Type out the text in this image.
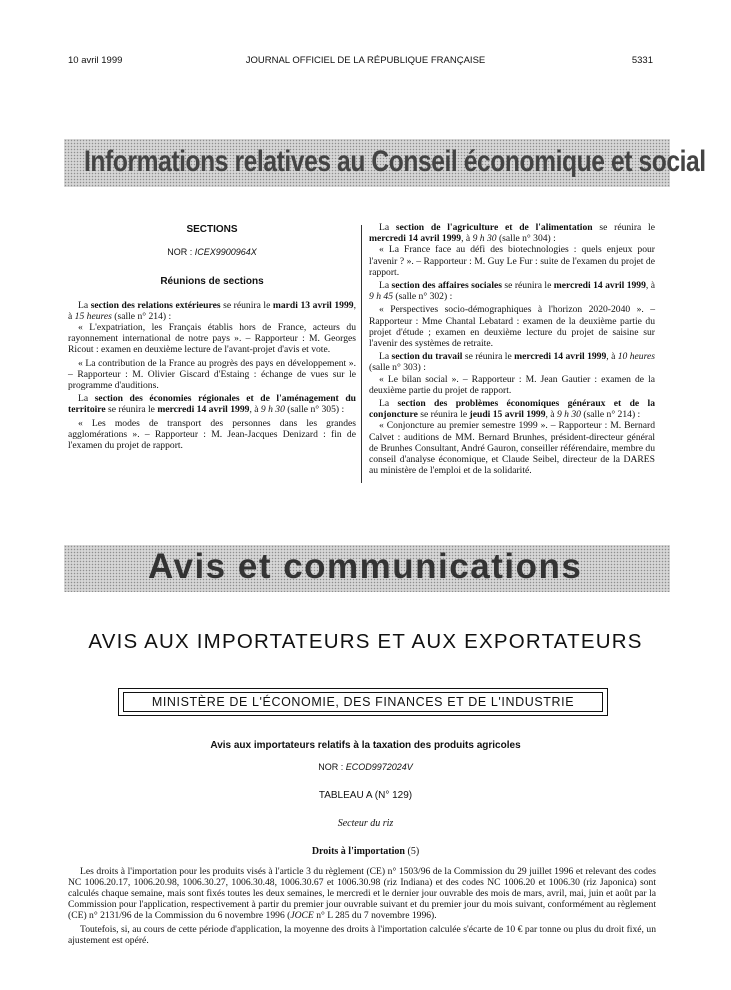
10 avril 1999	JOURNAL OFFICIEL DE LA RÉPUBLIQUE FRANÇAISE	5331
Informations relatives au Conseil économique et social

SECTIONS

NOR : ICEX9900964X

Réunions de sections

La section des relations extérieures se réunira le mardi 13 avril 1999, à 15 heures (salle n° 214) :

« L'expatriation, les Français établis hors de France, acteurs du rayonnement international de notre pays ». – Rapporteur : M. Georges Ricout : examen en deuxième lecture de l'avant-projet d'avis et vote.

« La contribution de la France au progrès des pays en développement ». – Rapporteur : M. Olivier Giscard d'Estaing : échange de vues sur le programme d'auditions.

La section des économies régionales et de l'aménagement du territoire se réunira le mercredi 14 avril 1999, à 9 h 30 (salle n° 305) :

« Les modes de transport des personnes dans les grandes agglomérations ». – Rapporteur : M. Jean-Jacques Denizard : fin de l'examen du projet de rapport.

La section de l'agriculture et de l'alimentation se réunira le mercredi 14 avril 1999, à 9 h 30 (salle n° 304) :

« La France face au défi des biotechnologies : quels enjeux pour l'avenir ? ». – Rapporteur : M. Guy Le Fur : suite de l'examen du projet de rapport.

La section des affaires sociales se réunira le mercredi 14 avril 1999, à 9 h 45 (salle n° 302) :

« Perspectives socio-démographiques à l'horizon 2020-2040 ». – Rapporteur : Mme Chantal Lebatard : examen de la deuxième partie du projet d'étude ; examen en deuxième lecture du projet de saisine sur l'avenir des systèmes de retraite.

La section du travail se réunira le mercredi 14 avril 1999, à 10 heures (salle n° 303) :

« Le bilan social ». – Rapporteur : M. Jean Gautier : examen de la deuxième partie du projet de rapport.

La section des problèmes économiques généraux et de la conjoncture se réunira le jeudi 15 avril 1999, à 9 h 30 (salle n° 214) :

« Conjoncture au premier semestre 1999 ». – Rapporteur : M. Bernard Calvet : auditions de MM. Bernard Brunhes, président-directeur général de Brunhes Consultant, André Gauron, conseiller référendaire, membre du conseil d'analyse économique, et Claude Seibel, directeur de la DARES au ministère de l'emploi et de la solidarité.

Avis et communications
AVIS AUX IMPORTATEURS ET AUX EXPORTATEURS
MINISTÈRE DE L'ÉCONOMIE, DES FINANCES ET DE L'INDUSTRIE
Avis aux importateurs relatifs à la taxation des produits agricoles
NOR : ECOD9972024V
TABLEAU A (N° 129)
Secteur du riz
Droits à l'importation (5)

Les droits à l'importation pour les produits visés à l'article 3 du règlement (CE) n° 1503/96 de la Commission du 29 juillet 1996 et relevant des codes NC 1006.20.17, 1006.20.98, 1006.30.27, 1006.30.48, 1006.30.67 et 1006.30.98 (riz Indiana) et des codes NC 1006.20 et 1006.30 (riz Japonica) sont calculés chaque semaine, mais sont fixés toutes les deux semaines, le mercredi et le dernier jour ouvrable des mois de mars, avril, mai, juin et août par la Commission pour l'application, respectivement à partir du premier jour ouvrable suivant et du premier jour du mois suivant, conformément au règlement (CE) n° 2131/96 de la Commission du 6 novembre 1996 (JOCE n° L 285 du 7 novembre 1996).

Toutefois, si, au cours de cette période d'application, la moyenne des droits à l'importation calculée s'écarte de 10 € par tonne ou plus du droit fixé, un ajustement est opéré.
